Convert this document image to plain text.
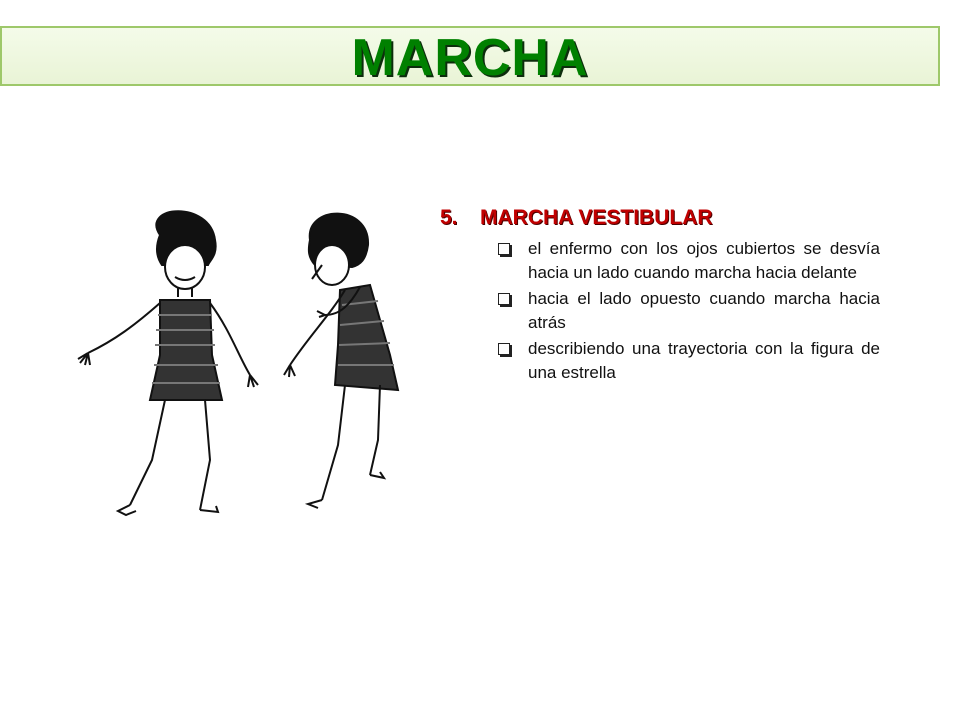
MARCHA
5. MARCHA VESTIBULAR
el enfermo con los ojos cubiertos se desvía hacia un lado cuando marcha hacia delante
hacia el lado opuesto cuando marcha hacia atrás
describiendo una trayectoria con la figura de una estrella
